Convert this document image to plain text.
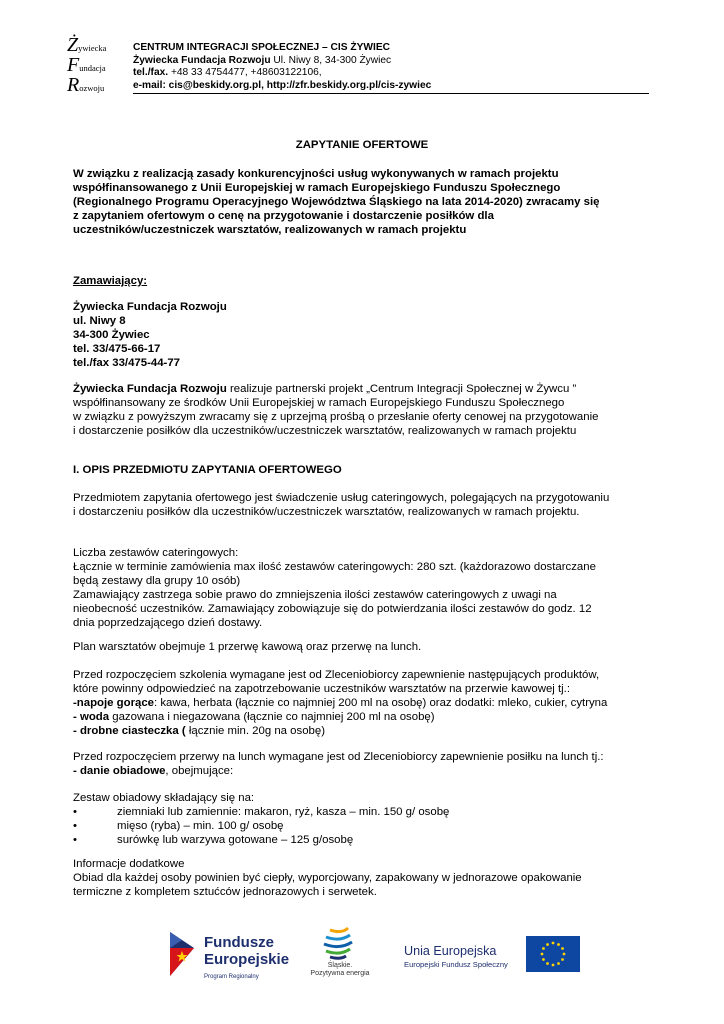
Żywiecka
Fundacja
Rozwoju
CENTRUM INTEGRACJI SPOŁECZNEJ – CIS ŻYWIEC
Żywiecka Fundacja Rozwoju Ul. Niwy 8, 34-300 Żywiec
tel./fax. +48 33 4754477, +48603122106,
e-mail: cis@beskidy.org.pl, http://zfr.beskidy.org.pl/cis-zywiec
ZAPYTANIE OFERTOWE
W związku z realizacją zasady konkurencyjności usług wykonywanych w ramach projektu
współfinansowanego z Unii Europejskiej w ramach Europejskiego Funduszu Społecznego
(Regionalnego Programu Operacyjnego Województwa Śląskiego na lata 2014-2020) zwracamy się
z zapytaniem ofertowym o cenę na przygotowanie i dostarczenie posiłków dla
uczestników/uczestniczek warsztatów, realizowanych w ramach projektu
Zamawiający:
Żywiecka Fundacja Rozwoju
ul. Niwy 8
34-300 Żywiec
tel. 33/475-66-17
tel./fax 33/475-44-77
Żywiecka Fundacja Rozwoju realizuje partnerski projekt „Centrum Integracji Społecznej w Żywcu ”
współfinansowany ze środków Unii Europejskiej w ramach Europejskiego Funduszu Społecznego
w związku z powyższym zwracamy się z uprzejmą prośbą o przesłanie oferty cenowej na przygotowanie
i dostarczenie posiłków dla uczestników/uczestniczek warsztatów, realizowanych w ramach projektu
I. OPIS PRZEDMIOTU ZAPYTANIA OFERTOWEGO
Przedmiotem zapytania ofertowego jest świadczenie usług cateringowych, polegających na przygotowaniu
i dostarczeniu posiłków dla uczestników/uczestniczek warsztatów, realizowanych w ramach projektu.
Liczba zestawów cateringowych:
Łącznie w terminie zamówienia max ilość zestawów cateringowych: 280 szt. (każdorazowo dostarczane
będą zestawy dla grupy 10 osób)
Zamawiający zastrzega sobie prawo do zmniejszenia ilości zestawów cateringowych z uwagi na
nieobecność uczestników. Zamawiający zobowiązuje się do potwierdzania ilości zestawów do godz. 12
dnia poprzedzającego dzień dostawy.
Plan warsztatów obejmuje 1 przerwę kawową oraz przerwę na lunch.
Przed rozpoczęciem szkolenia wymagane jest od Zleceniobiorcy zapewnienie następujących produktów,
które powinny odpowiedzieć na zapotrzebowanie uczestników warsztatów na przerwie kawowej tj.:
-napoje gorące: kawa, herbata (łącznie co najmniej 200 ml na osobę) oraz dodatki: mleko, cukier, cytryna
- woda gazowana i niegazowana (łącznie co najmniej 200 ml na osobę)
- drobne ciasteczka ( łącznie min. 20g na osobę)
Przed rozpoczęciem przerwy na lunch wymagane jest od Zleceniobiorcy zapewnienie posiłku na lunch tj.:
- danie obiadowe, obejmujące:
Zestaw obiadowy składający się na:
•	ziemniaki lub zamiennie: makaron, ryż, kasza – min. 150 g/ osobę
•	mięso (ryba) – min. 100 g/ osobę
•	surówkę lub warzywa gotowane – 125 g/osobę
Informacje dodatkowe
Obiad dla każdej osoby powinien być ciepły, wyporcjowany, zapakowany w jednorazowe opakowanie
termiczne z kompletem sztućców jednorazowych i serwetek.
Fundusze
Europejskie
Program Regionalny
Śląskie.
Pozytywna energia
Unia Europejska
Europejski Fundusz Społeczny
